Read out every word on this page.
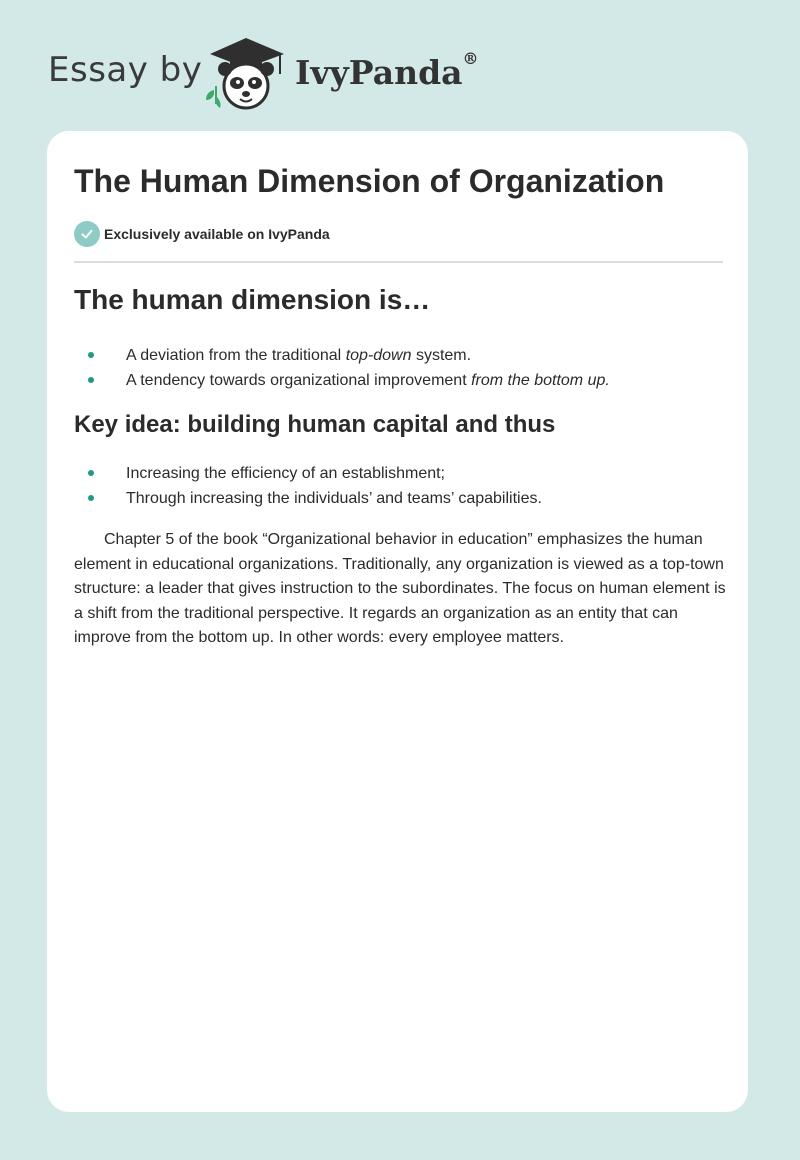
Essay by	IvyPanda®
The Human Dimension of Organization
Exclusively available on IvyPanda
The human dimension is…
A deviation from the traditional top-down system.
A tendency towards organizational improvement from the bottom up.
Key idea: building human capital and thus
Increasing the efficiency of an establishment;
Through increasing the individuals’ and teams’ capabilities.

Chapter 5 of the book “Organizational behavior in education” emphasizes the human element in educational organizations. Traditionally, any organization is viewed as a top-town structure: a leader that gives instruction to the subordinates. The focus on human element is a shift from the traditional perspective. It regards an organization as an entity that can improve from the bottom up. In other words: every employee matters.
